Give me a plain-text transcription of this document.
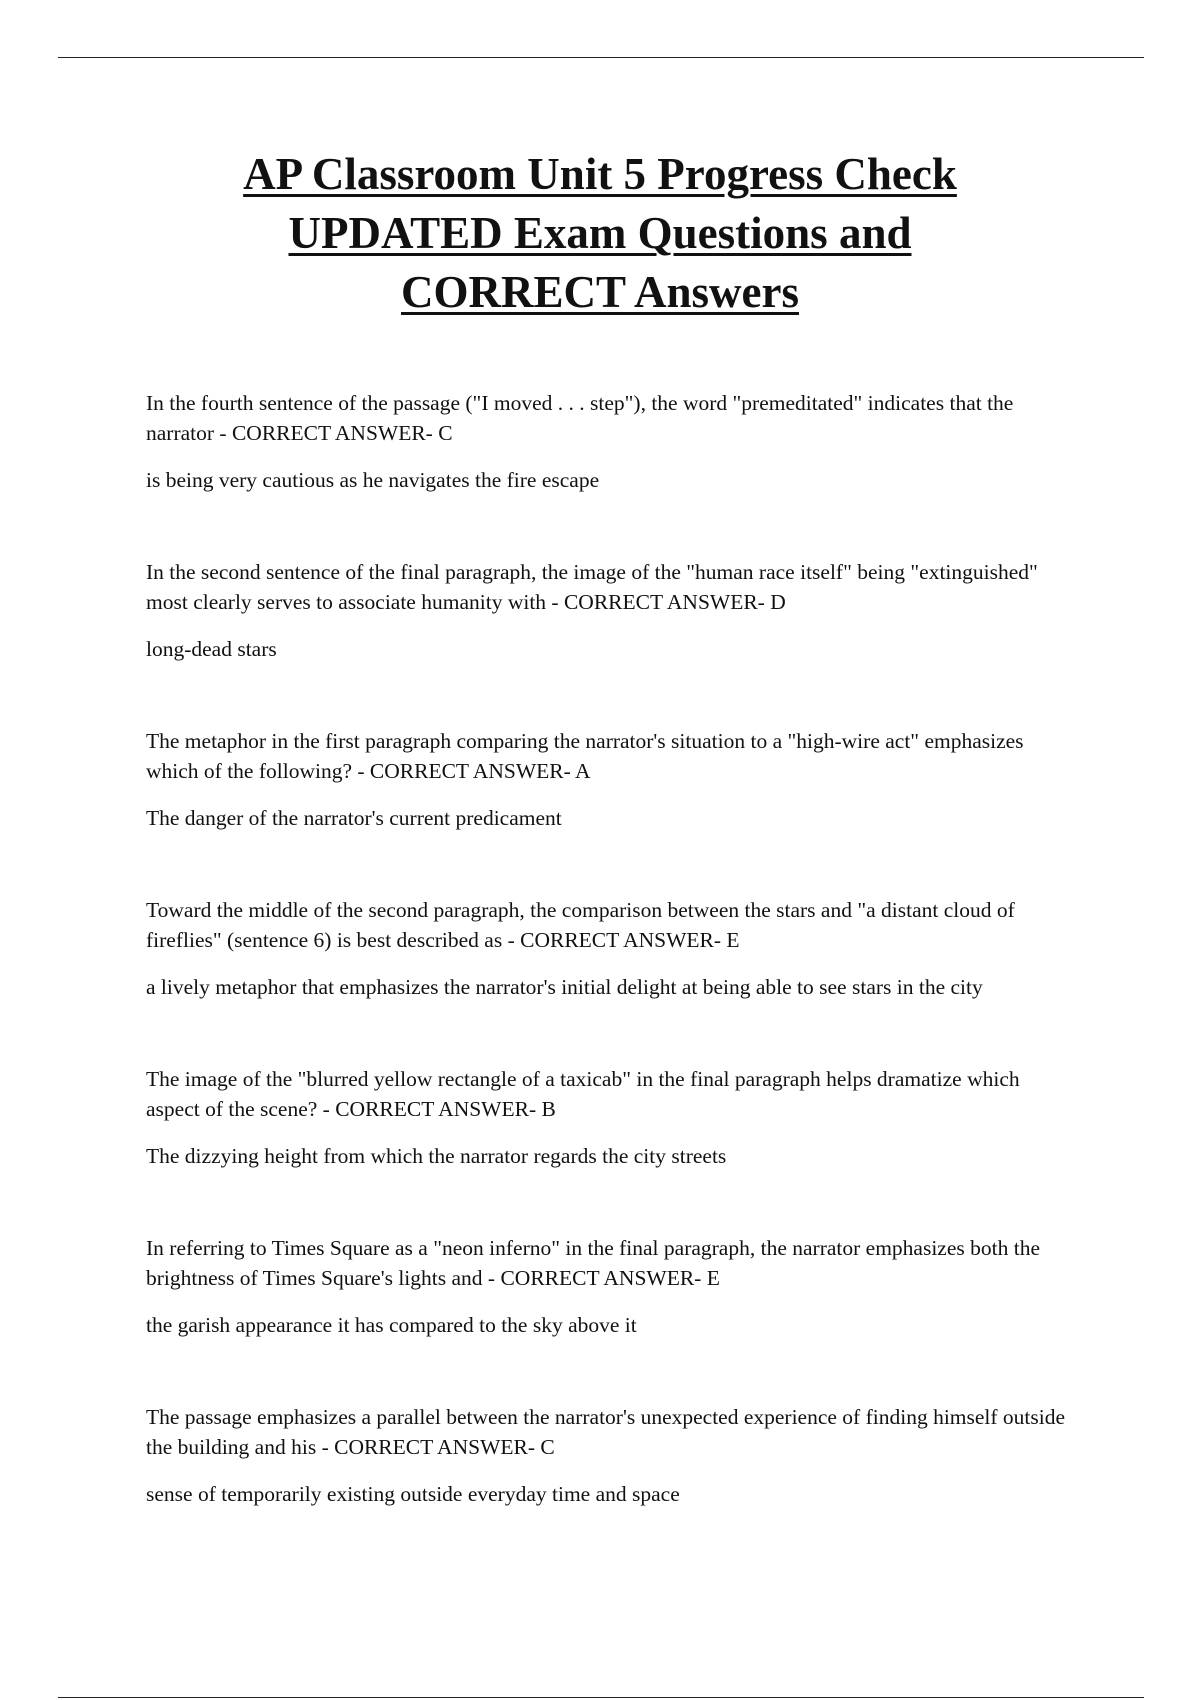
AP Classroom Unit 5 Progress Check
UPDATED Exam Questions and
CORRECT Answers

In the fourth sentence of the passage ("I moved . . . step"), the word "premeditated" indicates that the narrator - CORRECT ANSWER- C

is being very cautious as he navigates the fire escape

In the second sentence of the final paragraph, the image of the "human race itself" being "extinguished" most clearly serves to associate humanity with - CORRECT ANSWER- D

long-dead stars

The metaphor in the first paragraph comparing the narrator's situation to a "high-wire act" emphasizes which of the following? - CORRECT ANSWER- A

The danger of the narrator's current predicament

Toward the middle of the second paragraph, the comparison between the stars and "a distant cloud of fireflies" (sentence 6) is best described as - CORRECT ANSWER- E

a lively metaphor that emphasizes the narrator's initial delight at being able to see stars in the city

The image of the "blurred yellow rectangle of a taxicab" in the final paragraph helps dramatize which aspect of the scene? - CORRECT ANSWER- B

The dizzying height from which the narrator regards the city streets

In referring to Times Square as a "neon inferno" in the final paragraph, the narrator emphasizes both the brightness of Times Square's lights and - CORRECT ANSWER- E

the garish appearance it has compared to the sky above it

The passage emphasizes a parallel between the narrator's unexpected experience of finding himself outside the building and his - CORRECT ANSWER- C

sense of temporarily existing outside everyday time and space
